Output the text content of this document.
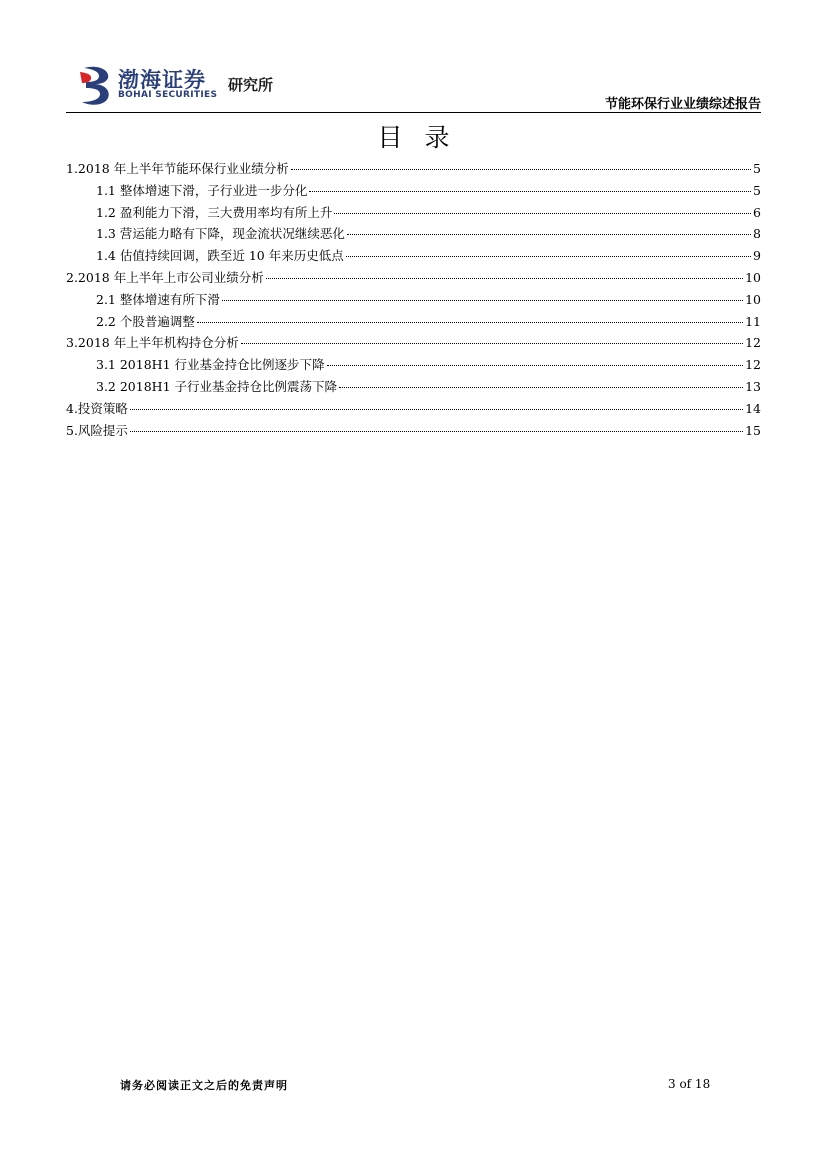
渤海证券
BOHAI SECURITIES
研究所
节能环保行业业绩综述报告
目录
1.2018 年上半年节能环保行业业绩分析	5
1.1 整体增速下滑，子行业进一步分化	5
1.2 盈利能力下滑，三大费用率均有所上升	6
1.3 营运能力略有下降，现金流状况继续恶化	8
1.4 估值持续回调，跌至近 10 年来历史低点	9
2.2018 年上半年上市公司业绩分析	10
2.1 整体增速有所下滑	10
2.2 个股普遍调整	11
3.2018 年上半年机构持仓分析	12
3.1 2018H1 行业基金持仓比例逐步下降	12
3.2 2018H1 子行业基金持仓比例震荡下降	13
4.投资策略	14
5.风险提示	15
请务必阅读正文之后的免责声明	3 of 18
